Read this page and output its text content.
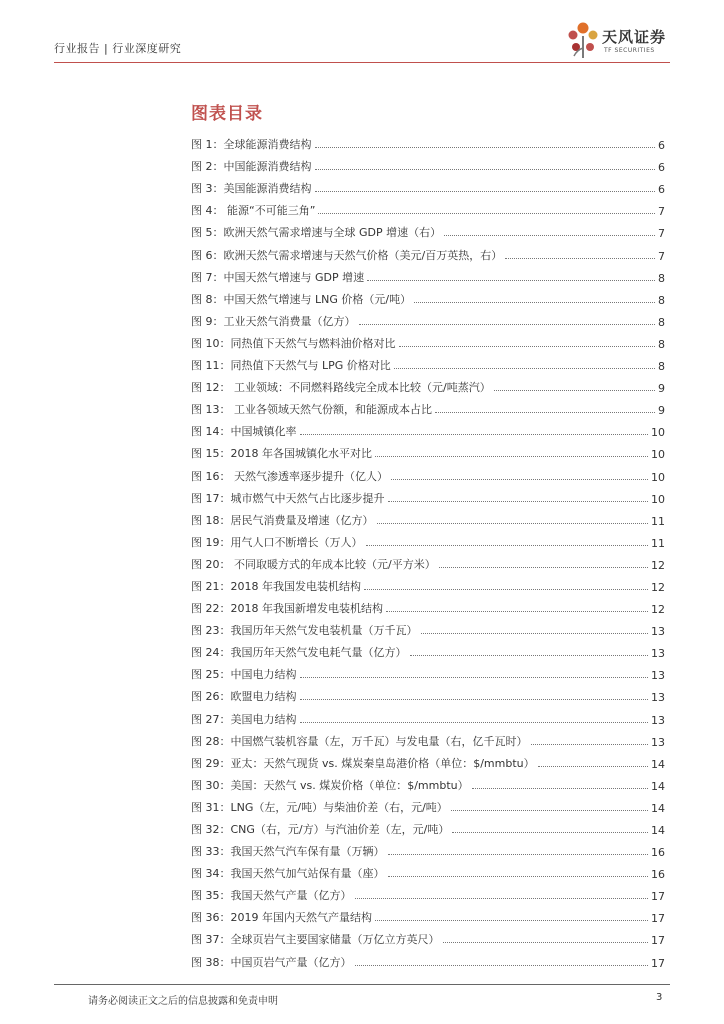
行业报告 | 行业深度研究
天风证券
TF SECURITIES
图表目录
图 1：全球能源消费结构	6
图 2：中国能源消费结构	6
图 3：美国能源消费结构	6
图 4： 能源“不可能三角”	7
图 5：欧洲天然气需求增速与全球 GDP 增速（右）	7
图 6：欧洲天然气需求增速与天然气价格（美元/百万英热，右）	7
图 7：中国天然气增速与 GDP 增速	8
图 8：中国天然气增速与 LNG 价格（元/吨）	8
图 9：工业天然气消费量（亿方）	8
图 10：同热值下天然气与燃料油价格对比	8
图 11：同热值下天然气与 LPG 价格对比	8
图 12： 工业领域：不同燃料路线完全成本比较（元/吨蒸汽）	9
图 13： 工业各领域天然气份额，和能源成本占比	9
图 14：中国城镇化率	10
图 15：2018 年各国城镇化水平对比	10
图 16： 天然气渗透率逐步提升（亿人）	10
图 17：城市燃气中天然气占比逐步提升	10
图 18：居民气消费量及增速（亿方）	11
图 19：用气人口不断增长（万人）	11
图 20： 不同取暖方式的年成本比较（元/平方米）	12
图 21：2018 年我国发电装机结构	12
图 22：2018 年我国新增发电装机结构	12
图 23：我国历年天然气发电装机量（万千瓦）	13
图 24：我国历年天然气发电耗气量（亿方）	13
图 25：中国电力结构	13
图 26：欧盟电力结构	13
图 27：美国电力结构	13
图 28：中国燃气装机容量（左，万千瓦）与发电量（右，亿千瓦时）	13
图 29：亚太：天然气现货 vs. 煤炭秦皇岛港价格（单位：$/mmbtu）	14
图 30：美国：天然气 vs. 煤炭价格（单位：$/mmbtu）	14
图 31：LNG（左，元/吨）与柴油价差（右，元/吨）	14
图 32：CNG（右，元/方）与汽油价差（左，元/吨）	14
图 33：我国天然气汽车保有量（万辆）	16
图 34：我国天然气加气站保有量（座）	16
图 35：我国天然气产量（亿方）	17
图 36：2019 年国内天然气产量结构	17
图 37：全球页岩气主要国家储量（万亿立方英尺）	17
图 38：中国页岩气产量（亿方）	17
请务必阅读正文之后的信息披露和免责申明	3
